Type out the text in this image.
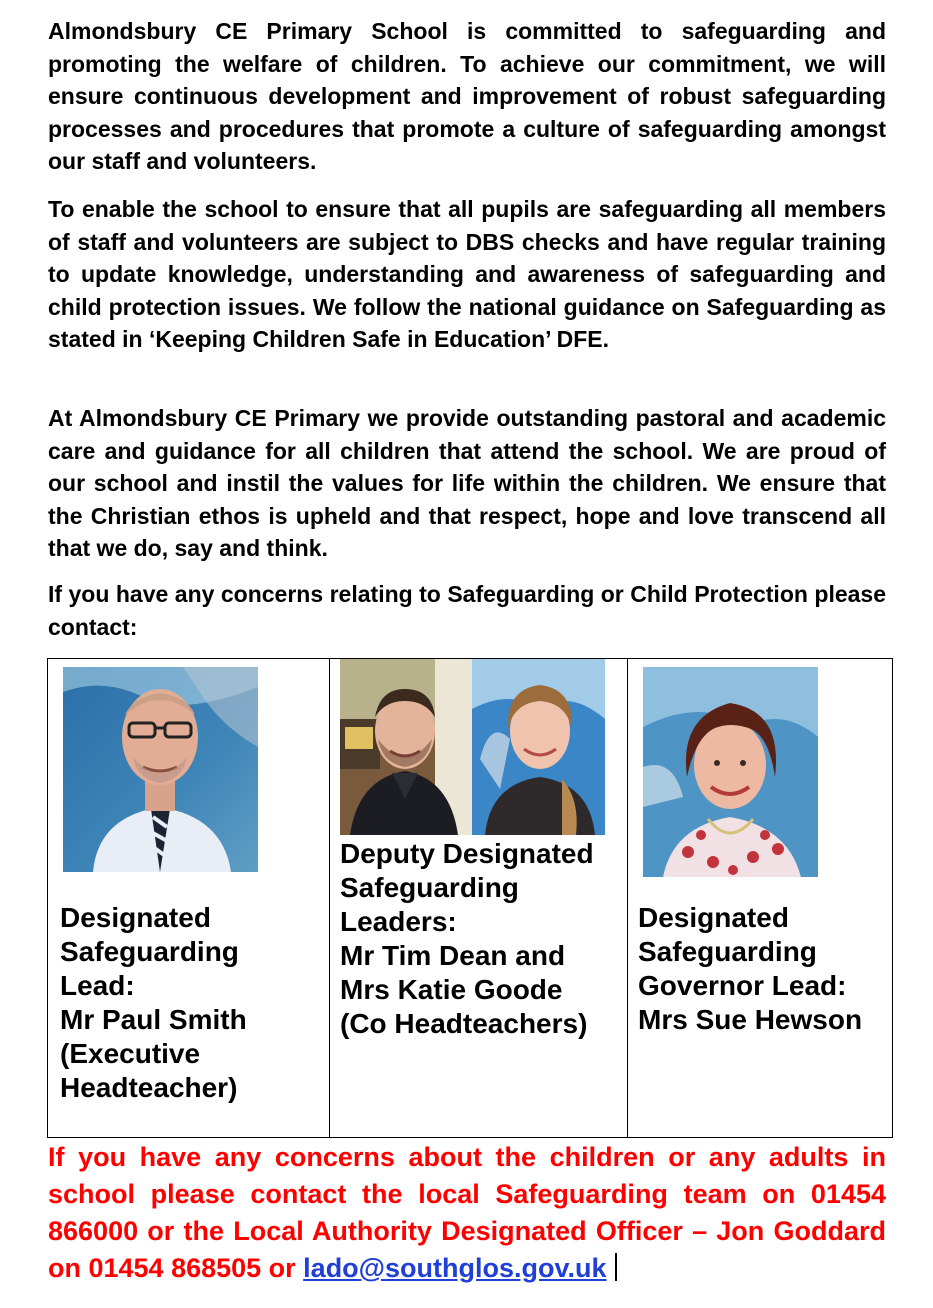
Almondsbury CE Primary School is committed to safeguarding and promoting the welfare of children. To achieve our commitment, we will ensure continuous development and improvement of robust safeguarding processes and procedures that promote a culture of safeguarding amongst our staff and volunteers.

To enable the school to ensure that all pupils are safeguarding all members of staff and volunteers are subject to DBS checks and have regular training to update knowledge, understanding and awareness of safeguarding and child protection issues. We follow the national guidance on Safeguarding as stated in ‘Keeping Children Safe in Education’ DFE.

At Almondsbury CE Primary we provide outstanding pastoral and academic care and guidance for all children that attend the school. We are proud of our school and instil the values for life within the children. We ensure that the Christian ethos is upheld and that respect, hope and love transcend all that we do, say and think.

If you have any concerns relating to Safeguarding or Child Protection please contact:

Designated
Safeguarding
Lead:
Mr Paul Smith
(Executive
Headteacher)

Deputy Designated
Safeguarding
Leaders:
Mr Tim Dean and
Mrs Katie Goode
(Co Headteachers)

Designated
Safeguarding
Governor Lead:
Mrs Sue Hewson

If you have any concerns about the children or any adults in school please contact the local Safeguarding team on 01454 866000 or the Local Authority Designated Officer – Jon Goddard on 01454 868505 or lado@southglos.gov.uk
